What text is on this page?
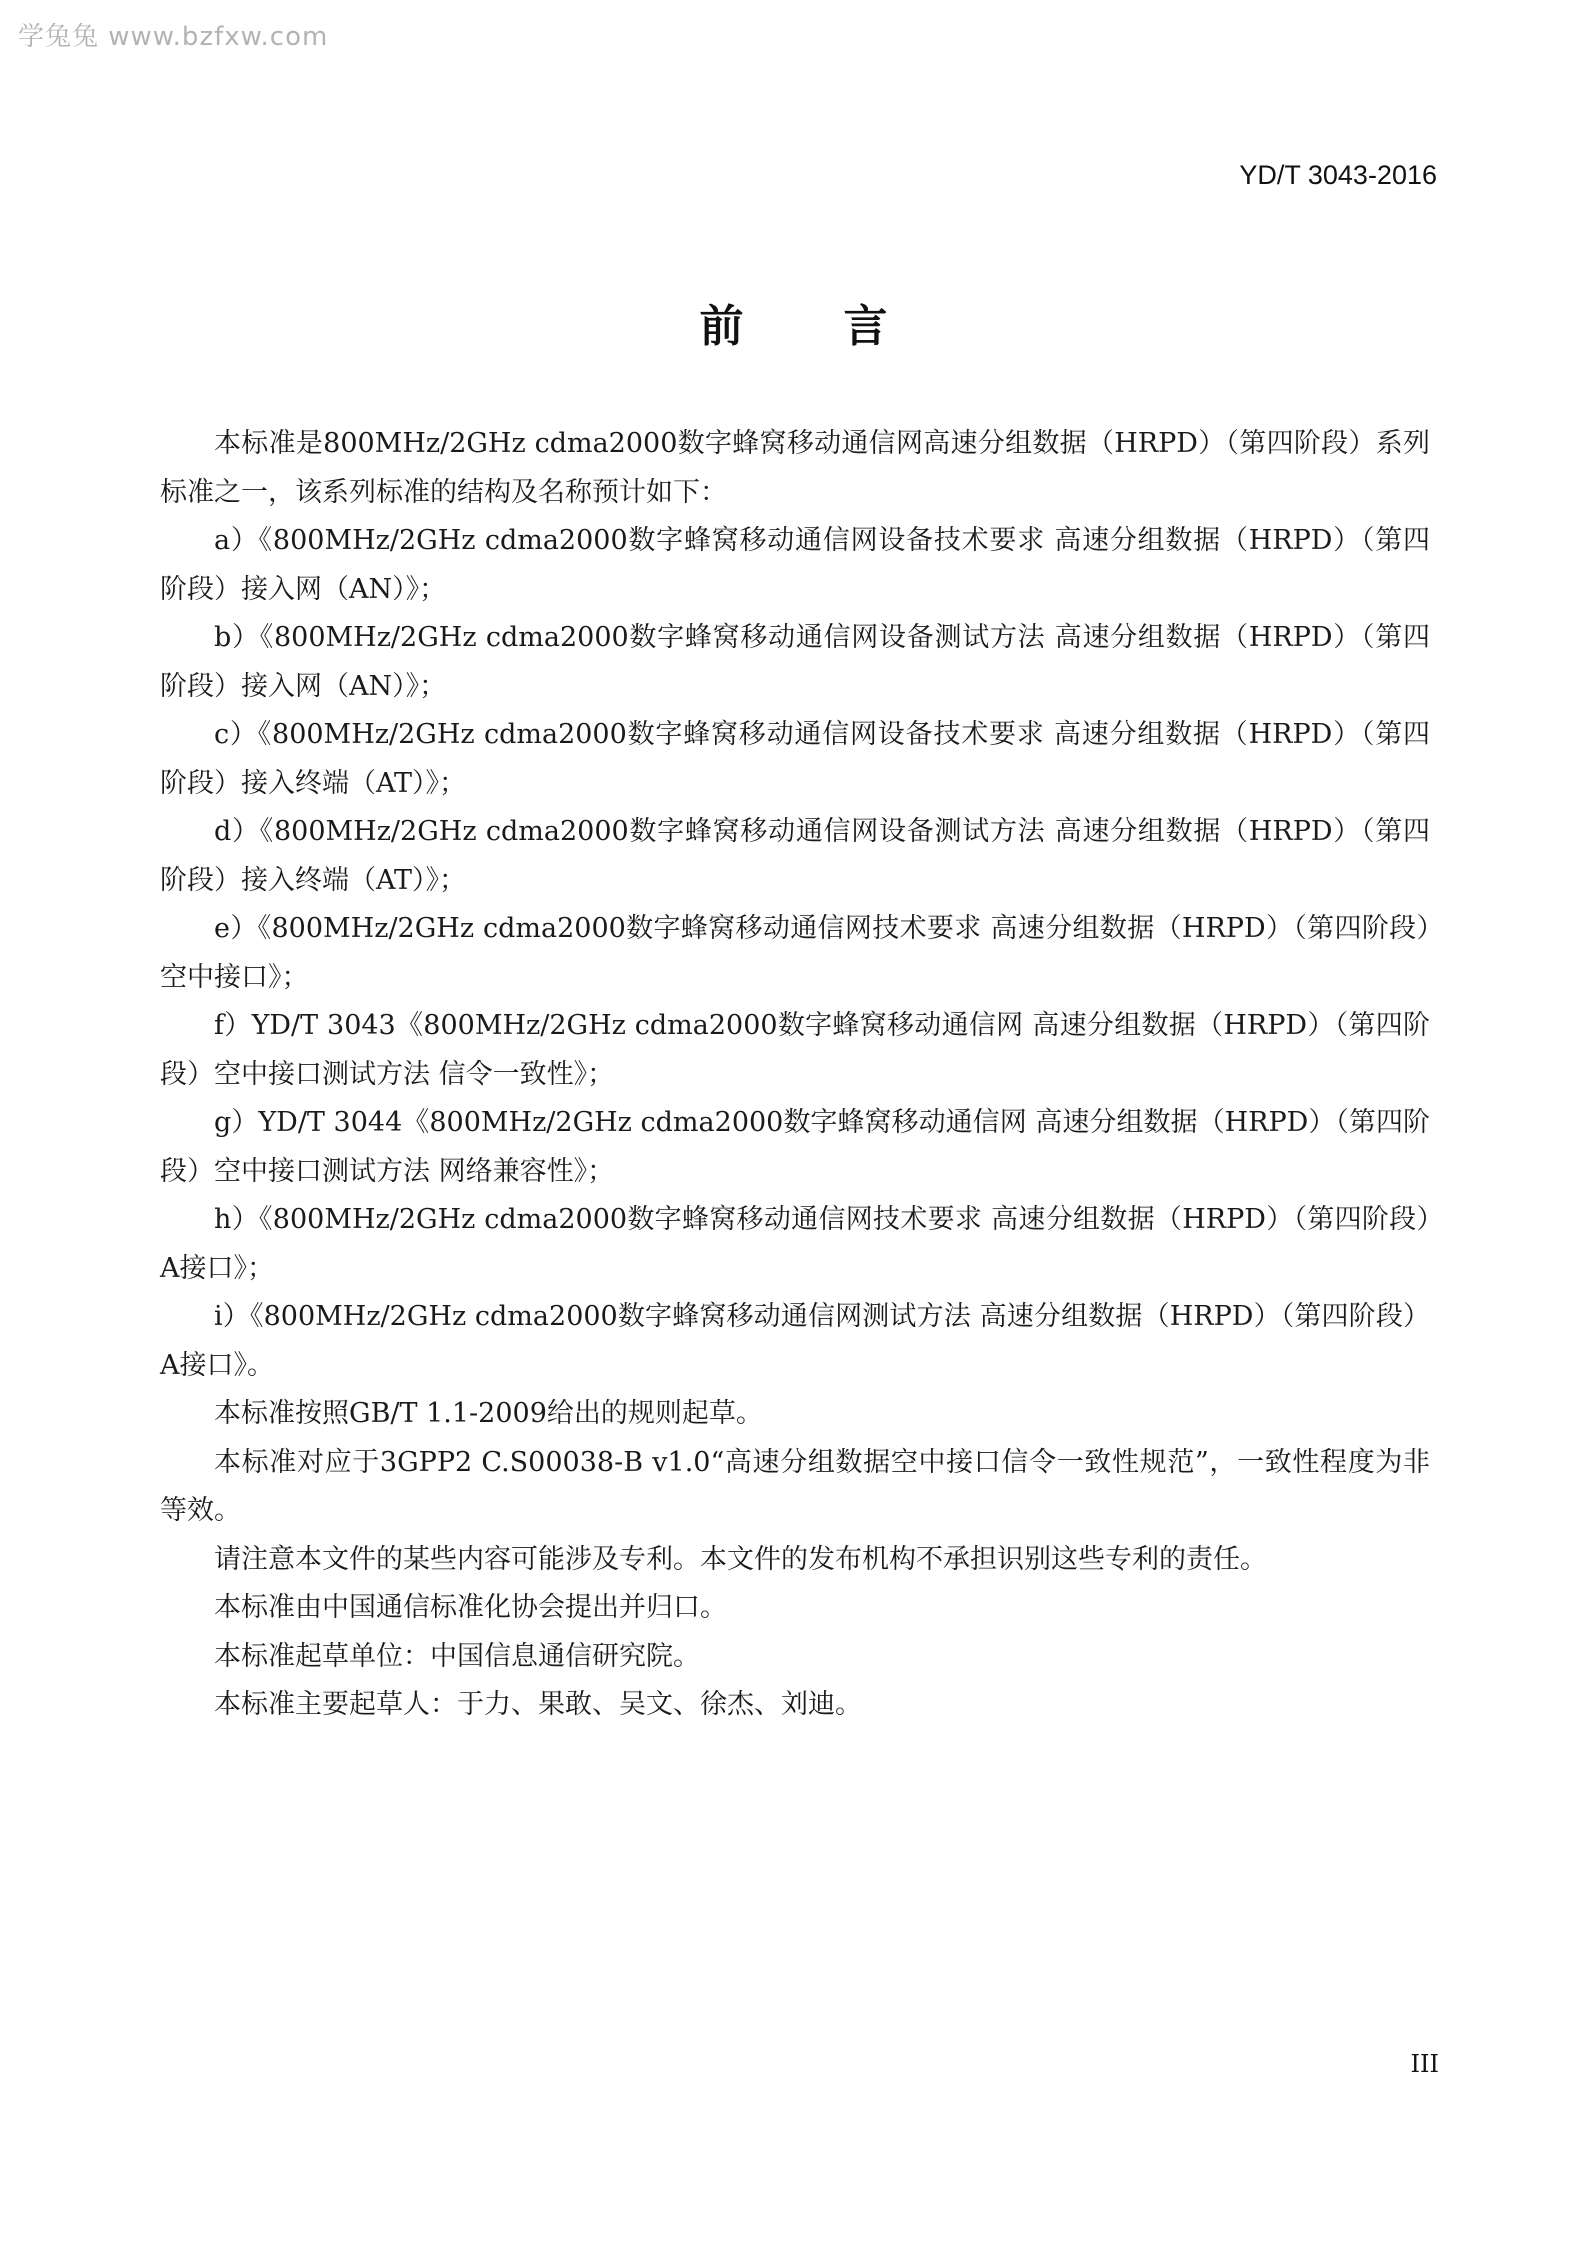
学兔兔 www.bzfxw.com
YD/T 3043-2016
前言

本标准是800MHz/2GHz cdma2000数字蜂窝移动通信网高速分组数据（HRPD）（第四阶段）系列标准之一，该系列标准的结构及名称预计如下：

a）《800MHz/2GHz cdma2000数字蜂窝移动通信网设备技术要求 高速分组数据（HRPD）（第四阶段）接入网（AN）》；

b）《800MHz/2GHz cdma2000数字蜂窝移动通信网设备测试方法 高速分组数据（HRPD）（第四阶段）接入网（AN）》；

c）《800MHz/2GHz cdma2000数字蜂窝移动通信网设备技术要求 高速分组数据（HRPD）（第四阶段）接入终端（AT）》；

d）《800MHz/2GHz cdma2000数字蜂窝移动通信网设备测试方法 高速分组数据（HRPD）（第四阶段）接入终端（AT）》；

e）《800MHz/2GHz cdma2000数字蜂窝移动通信网技术要求 高速分组数据（HRPD）（第四阶段）空中接口》；

f）YD/T 3043《800MHz/2GHz cdma2000数字蜂窝移动通信网 高速分组数据（HRPD）（第四阶段）空中接口测试方法 信令一致性》；

g）YD/T 3044《800MHz/2GHz cdma2000数字蜂窝移动通信网 高速分组数据（HRPD）（第四阶段）空中接口测试方法 网络兼容性》；

h）《800MHz/2GHz cdma2000数字蜂窝移动通信网技术要求 高速分组数据（HRPD）（第四阶段）A接口》；

i）《800MHz/2GHz cdma2000数字蜂窝移动通信网测试方法 高速分组数据（HRPD）（第四阶段）A接口》。

本标准按照GB/T 1.1-2009给出的规则起草。

本标准对应于3GPP2 C.S00038-B v1.0“高速分组数据空中接口信令一致性规范”，一致性程度为非等效。

请注意本文件的某些内容可能涉及专利。本文件的发布机构不承担识别这些专利的责任。

本标准由中国通信标准化协会提出并归口。

本标准起草单位：中国信息通信研究院。

本标准主要起草人：于力、果敢、吴文、徐杰、刘迪。

III
